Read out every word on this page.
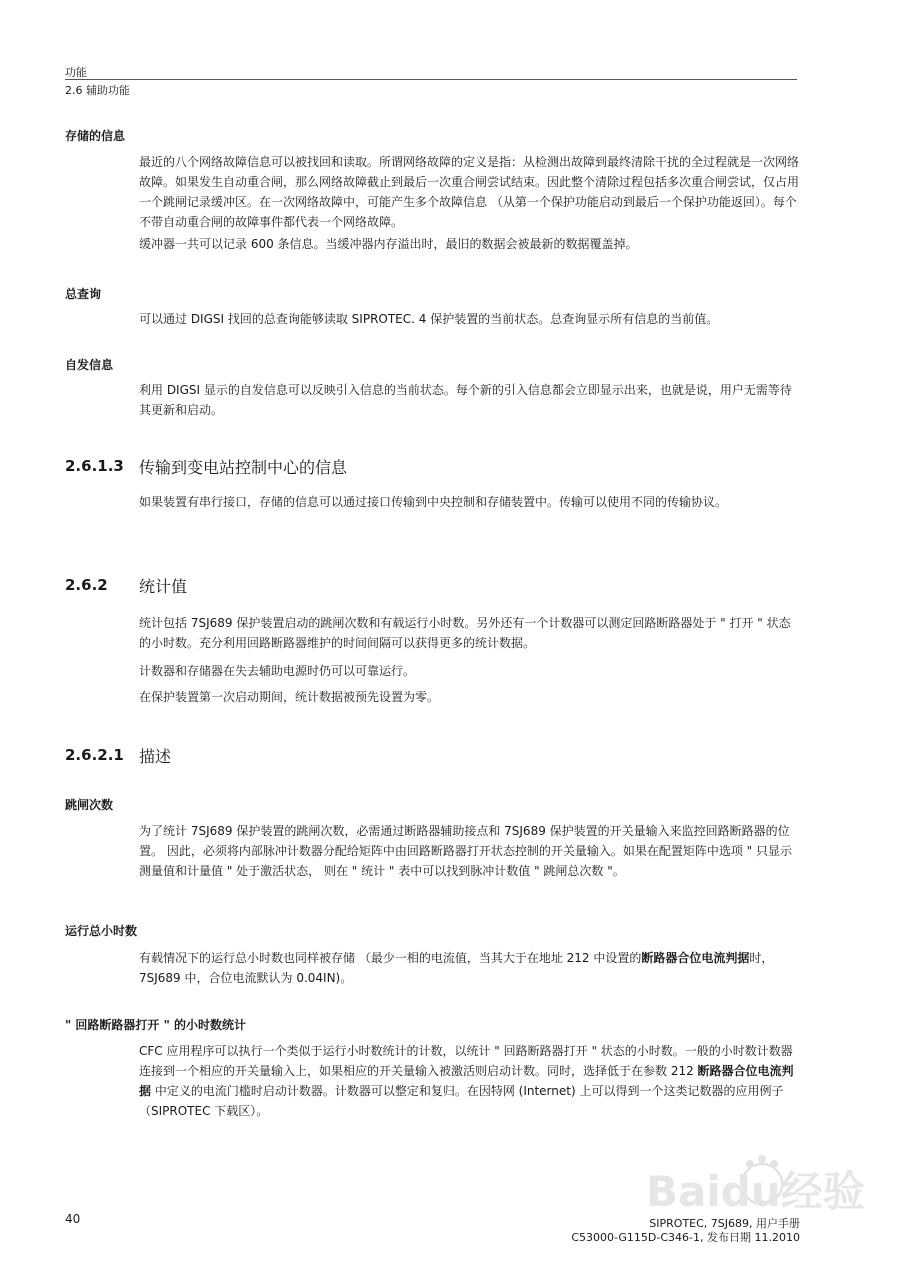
功能
2.6 辅助功能
存储的信息

最近的八个网络故障信息可以被找回和读取。所谓网络故障的定义是指：从检测出故障到最终清除干扰的全过程就是一次网络故障。如果发生自动重合闸，那么网络故障截止到最后一次重合闸尝试结束。因此整个清除过程包括多次重合闸尝试，仅占用一个跳闸记录缓冲区。在一次网络故障中，可能产生多个故障信息 （从第一个保护功能启动到最后一个保护功能返回）。每个不带自动重合闸的故障事件都代表一个网络故障。

缓冲器一共可以记录 600 条信息。当缓冲器内存溢出时，最旧的数据会被最新的数据覆盖掉。

总查询

可以通过 DIGSI 找回的总查询能够读取 SIPROTEC. 4 保护装置的当前状态。总查询显示所有信息的当前值。

自发信息

利用 DIGSI 显示的自发信息可以反映引入信息的当前状态。每个新的引入信息都会立即显示出来，也就是说，用户无需等待其更新和启动。

2.6.1.3 传输到变电站控制中心的信息

如果装置有串行接口，存储的信息可以通过接口传输到中央控制和存储装置中。传输可以使用不同的传输协议。

2.6.2 统计值

统计包括 7SJ689 保护装置启动的跳闸次数和有载运行小时数。另外还有一个计数器可以测定回路断路器处于 " 打开 " 状态的小时数。充分利用回路断路器维护的时间间隔可以获得更多的统计数据。

计数器和存储器在失去辅助电源时仍可以可靠运行。

在保护装置第一次启动期间，统计数据被预先设置为零。

2.6.2.1 描述
跳闸次数

为了统计 7SJ689 保护装置的跳闸次数，必需通过断路器辅助接点和 7SJ689 保护装置的开关量输入来监控回路断路器的位置。 因此，必须将内部脉冲计数器分配给矩阵中由回路断路器打开状态控制的开关量输入。如果在配置矩阵中选项 " 只显示测量值和计量值 " 处于激活状态， 则在 " 统计 " 表中可以找到脉冲计数值 " 跳闸总次数 "。

运行总小时数

有载情况下的运行总小时数也同样被存储 （最少一相的电流值，当其大于在地址 212 中设置的断路器合位电流判据时， 7SJ689 中，合位电流默认为 0.04IN)。

" 回路断路器打开 " 的小时数统计

CFC 应用程序可以执行一个类似于运行小时数统计的计数，以统计 " 回路断路器打开 " 状态的小时数。一般的小时数计数器连接到一个相应的开关量输入上，如果相应的开关量输入被激活则启动计数。同时，选择低于在参数 212 断路器合位电流判据 中定义的电流门槛时启动计数器。计数器可以整定和复归。在因特网 (Internet) 上可以得到一个这类记数器的应用例子 （SIPROTEC 下载区）。

Baidu经验
40	SIPROTEC, 7SJ689, 用户手册
C53000-G115D-C346-1, 发布日期 11.2010
